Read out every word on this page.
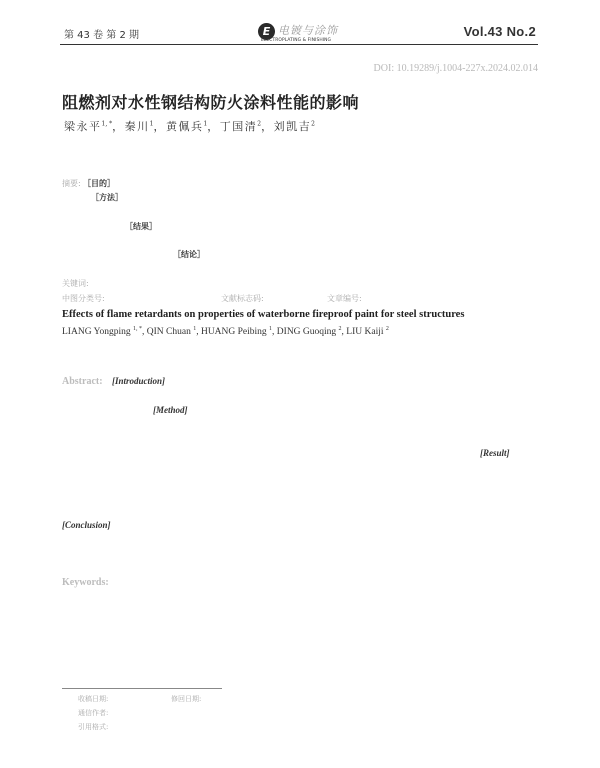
第 43 卷 第 2 期	E 电镀与涂饰
ELECTROPLATING & FINISHING
Vol.43 No.2
DOI: 10.19289/j.1004-227x.2024.02.014
阻燃剂对水性钢结构防火涂料性能的影响
梁永平$^{1, *}$，秦川$^1$，黄佩兵$^1$，丁国清$^2$，刘凯吉$^2$
摘要: ［目的］
［方法］
［结果］
［结论］
关键词:
中图分类号:	文献标志码:	文章编号:
Effects of flame retardants on properties of waterborne fireproof paint for steel structures
LIANG Yongping $^{1, *}$, QIN Chuan $^1$, HUANG Peibing $^1$, DING Guoqing $^2$, LIU Kaiji $^2$
Abstract: [Introduction]
[Method]
[Result]
[Conclusion]
Keywords:
收稿日期:	修回日期:
通信作者:
引用格式:
